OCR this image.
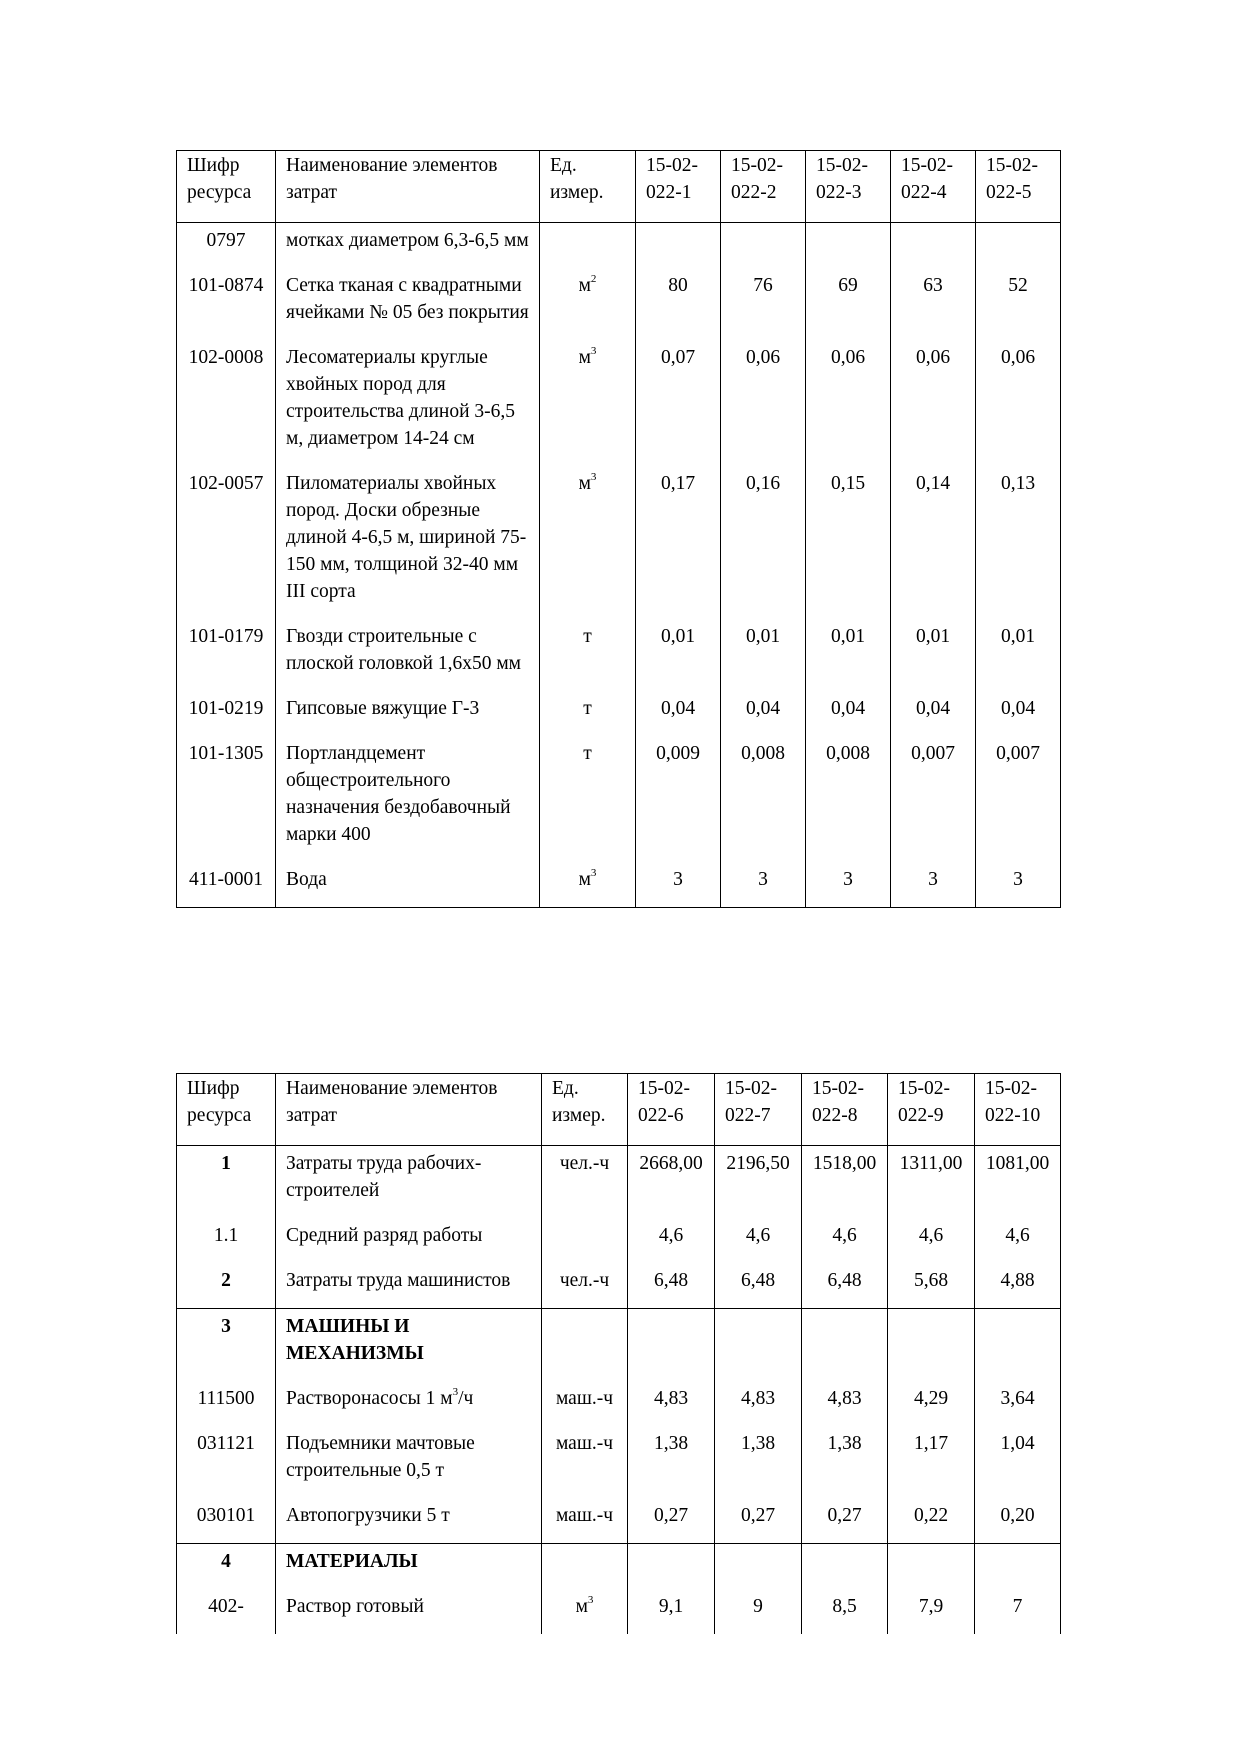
Шифр ресурса	Наименование элементов затрат	Ед. измер.	15-02-022-1	15-02-022-2	15-02-022-3	15-02-022-4	15-02-022-5
0797	мотках диаметром 6,3-6,5 мм						
101-0874	Сетка тканая с квадратными ячейками № 05 без покрытия	$м^2$	80	76	69	63	52
102-0008	Лесоматериалы круглые хвойных пород для строительства длиной 3-6,5 м, диаметром 14-24 см	$м^3$	0,07	0,06	0,06	0,06	0,06
102-0057	Пиломатериалы хвойных пород. Доски обрезные длиной 4-6,5 м, шириной 75-150 мм, толщиной 32-40 мм III сорта	$м^3$	0,17	0,16	0,15	0,14	0,13
101-0179	Гвозди строительные с плоской головкой 1,6х50 мм	т	0,01	0,01	0,01	0,01	0,01
101-0219	Гипсовые вяжущие Г-3	т	0,04	0,04	0,04	0,04	0,04
101-1305	Портландцемент общестроительного назначения бездобавочный марки 400	т	0,009	0,008	0,008	0,007	0,007
411-0001	Вода	$м^3$	3	3	3	3	3
Шифр ресурса	Наименование элементов затрат	Ед. измер.	15-02-022-6	15-02-022-7	15-02-022-8	15-02-022-9	15-02-022-10
1	Затраты труда рабочих-строителей	чел.-ч	2668,00	2196,50	1518,00	1311,00	1081,00
1.1	Средний разряд работы		4,6	4,6	4,6	4,6	4,6
2	Затраты труда машинистов	чел.-ч	6,48	6,48	6,48	5,68	4,88
3	МАШИНЫ И МЕХАНИЗМЫ						
111500	Растворонасосы 1 $м^3/ч$	маш.-ч	4,83	4,83	4,83	4,29	3,64
031121	Подъемники мачтовые строительные 0,5 т	маш.-ч	1,38	1,38	1,38	1,17	1,04
030101	Автопогрузчики 5 т	маш.-ч	0,27	0,27	0,27	0,22	0,20
4	МАТЕРИАЛЫ						
402-	Раствор готовый	$м^3$	9,1	9	8,5	7,9	7
